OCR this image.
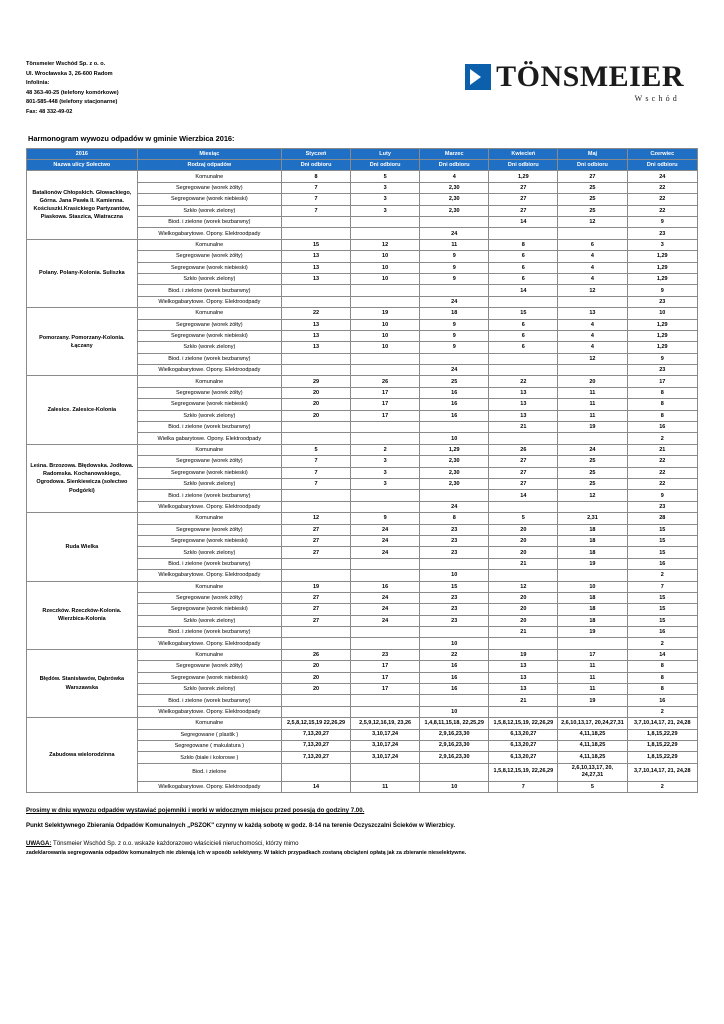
Tönsmeier Wschód Sp. z o. o.
Ul. Wrocławska 3, 26-600 Radom
Infolinia:
48 363-40-25 (telefony komórkowe)
801-585-448 (telefony stacjonarne)
Fax: 48 332-49-02
TÖNSMEIER
Wschód
Harmonogram wywozu odpadów w gminie Wierzbica 2016:
2016	Miesiąc	Styczeń	Luty	Marzec	Kwiecień	Maj	Czerwiec
Nazwa ulicy Sołectwo	Rodzaj odpadów	Dni odbioru	Dni odbioru	Dni odbioru	Dni odbioru	Dni odbioru	Dni odbioru
Batalionów Chłopskich. Głowackiego, Górna. Jana Pawła II. Kamienna. Kościuszki.Krasickiego Partyzantów, Piaskowa. Staszica, Wiatraczna	Komunalne	8	5	4	1,29	27	24
	Segregowane (worek żółty)	7	3	2,30	27	25	22
	Segregowane (worek niebieski)	7	3	2,30	27	25	22
	Szkło (worek zielony)	7	3	2,30	27	25	22
	Biod. i zielone (worek bezbarwny)				14	12	9
	Wielkogabarytowe. Opony. Elektroodpady			24			23
Polany. Polany-Kolonia. Suliszka	Komunalne	15	12	11	8	6	3
	Segregowane (worek żółty)	13	10	9	6	4	1,29
	Segregowane (worek niebieski)	13	10	9	6	4	1,29
	Szkło (worek zielony)	13	10	9	6	4	1,29
	Biod. i zielone (worek bezbarwny)				14	12	9
	Wielkogabarytowe. Opony. Elektroodpady			24			23
Pomorzany. Pomorzany-Kolonia. Łączany	Komunalne	22	19	18	15	13	10
	Segregowane (worek żółty)	13	10	9	6	4	1,29
	Segregowane (worek niebieski)	13	10	9	6	4	1,29
	Szkło (worek zielony)	13	10	9	6	4	1,29
	Biod. i zielone (worek bezbarwny)					12	9
	Wielkogabarytowe. Opony. Elektroodpady			24			23
Zalesice. Zalesice-Kolonia	Komunalne	29	26	25	22	20	17
	Segregowane (worek żółty)	20	17	16	13	11	8
	Segregowane (worek niebieski)	20	17	16	13	11	8
	Szkło (worek zielony)	20	17	16	13	11	8
	Biod. i zielone (worek bezbarwny)				21	19	16
	Wielka gabarytowe. Opony. Elektroodpady			10			2
Leśna. Brzozowa. Błędowska. Jodłowa. Radomska. Kochanowskiego, Ogrodowa. Sienkiewicza (sołectwo Podgórki)	Komunalne	5	2	1,29	26	24	21
	Segregowane (worek żółty)	7	3	2,30	27	25	22
	Segregowane (worek niebieski)	7	3	2,30	27	25	22
	Szkło (worek zielony)	7	3	2,30	27	25	22
	Biod. i zielone (worek bezbarwny)				14	12	9
	Wielkogabarytowe. Opony. Elektroodpady			24			23
Ruda Wielka	Komunalne	12	9	8	5	2,31	28
	Segregowane (worek żółty)	27	24	23	20	18	15
	Segregowane (worek niebieski)	27	24	23	20	18	15
	Szkło (worek zielony)	27	24	23	20	18	15
	Biod. i zielone (worek bezbarwny)				21	19	16
	Wielkogabarytowe. Opony. Elektroodpady			10			2
Rzeczków. Rzeczków-Kolonia. Wierzbica-Kolonia	Komunalne	19	16	15	12	10	7
	Segregowane (worek żółty)	27	24	23	20	18	15
	Segregowane (worek niebieski)	27	24	23	20	18	15
	Szkło (worek zielony)	27	24	23	20	18	15
	Biod. i zielone (worek bezbarwny)				21	19	16
	Wielkogabarytowe. Opony. Elektroodpady			10			2
Błędów. Stanisławów, Dąbrówka Warszawska	Komunalne	26	23	22	19	17	14
	Segregowane (worek żółty)	20	17	16	13	11	8
	Segregowane (worek niebieski)	20	17	16	13	11	8
	Szkło (worek zielony)	20	17	16	13	11	8
	Biod. i zielone (worek bezbarwny)				21	19	16
	Wielkogabarytowe. Opony. Elektroodpady			10			2
Zabudowa wielorodzinna	Komunalne	2,5,8,12,15,19 22,26,29	2,5,9,12,16,19, 23,26	1,4,8,11,15,18, 22,25,29	1,5,8,12,15,19, 22,26,29	2,6,10,13,17, 20,24,27,31	3,7,10,14,17, 21, 24,28
	Segregowane ( plastik )	7,13,20,27	3,10,17,24	2,9,16,23,30	6,13,20,27	4,11,18,25	1,8,15,22,29
	Segregowane ( makulatura )	7,13,20,27	3,10,17,24	2,9,16,23,30	6,13,20,27	4,11,18,25	1,8,15,22,29
	Szkło (białe i kolorowe )	7,13,20,27	3,10,17,24	2,9,16,23,30	6,13,20,27	4,11,18,25	1,8,15,22,29
	Biod. i zielone				1,5,8,12,15,19, 22,26,29	2,6,10,13,17, 20, 24,27,31	3,7,10,14,17, 21, 24,28
	Wielkogabarytowe. Opony. Elektroodpady	14	11	10	7	5	2
Prosimy w dniu wywozu odpadów wystawiać pojemniki i worki w widocznym miejscu przed posesją do godziny 7.00.
Punkt Selektywnego Zbierania Odpadów Komunalnych „PSZOK" czynny w każdą sobotę w godz. 8-14 na terenie Oczyszczalni Ścieków w Wierzbicy.
UWAGA: Tönsmeier Wschód Sp. z o.o. wskaże każdorazowo właścicieli nieruchomości, którzy mimo
zadeklarowania segregowania odpadów komunalnych nie zbierają ich w sposób selektywny. W takich przypadkach zostaną obciążeni opłatą jak za zbieranie nieselektywne.
